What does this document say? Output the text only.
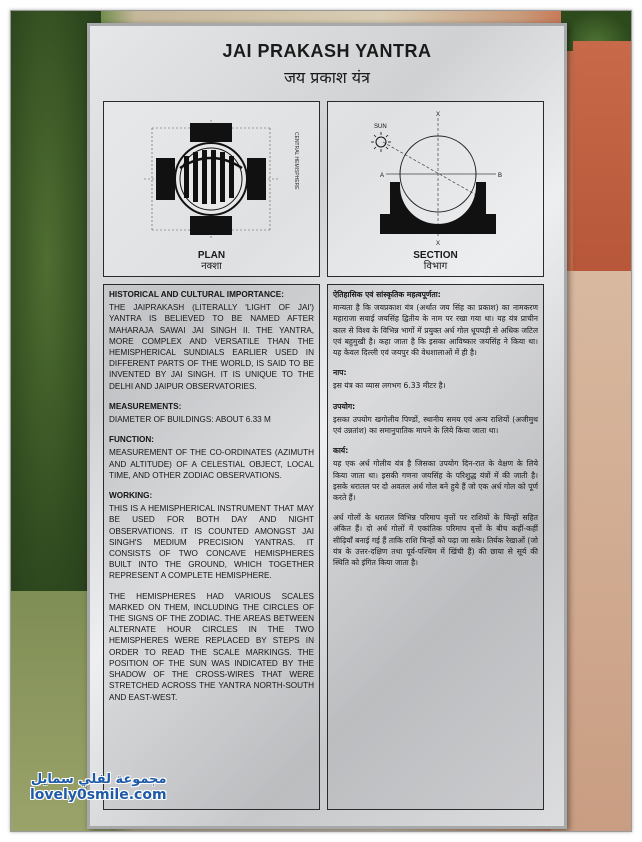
JAI PRAKASH YANTRA
जय प्रकाश यंत्र
CENTRAL HEMISPHERE
PLAN
नक्शा
SUN
X
X
A	B
SECTION
विभाग

HISTORICAL AND CULTURAL IMPORTANCE:
THE JAIPRAKASH (LITERALLY 'LIGHT OF JAI') YANTRA IS BELIEVED TO BE NAMED AFTER MAHARAJA SAWAI JAI SINGH II. THE YANTRA, MORE COMPLEX AND VERSATILE THAN THE HEMISPHERICAL SUNDIALS EARLIER USED IN DIFFERENT PARTS OF THE WORLD, IS SAID TO BE INVENTED BY JAI SINGH. IT IS UNIQUE TO THE DELHI AND JAIPUR OBSERVATORIES.

MEASUREMENTS:
DIAMETER OF BUILDINGS: ABOUT 6.33 M

FUNCTION:
MEASUREMENT OF THE CO-ORDINATES (AZIMUTH AND ALTITUDE) OF A CELESTIAL OBJECT, LOCAL TIME, AND OTHER ZODIAC OBSERVATIONS.

WORKING:
THIS IS A HEMISPHERICAL INSTRUMENT THAT MAY BE USED FOR BOTH DAY AND NIGHT OBSERVATIONS. IT IS COUNTED AMONGST JAI SINGH'S MEDIUM PRECISION YANTRAS. IT CONSISTS OF TWO CONCAVE HEMISPHERES BUILT INTO THE GROUND, WHICH TOGETHER REPRESENT A COMPLETE HEMISPHERE.

THE HEMISPHERES HAD VARIOUS SCALES MARKED ON THEM, INCLUDING THE CIRCLES OF THE SIGNS OF THE ZODIAC. THE AREAS BETWEEN ALTERNATE HOUR CIRCLES IN THE TWO HEMISPHERES WERE REPLACED BY STEPS IN ORDER TO READ THE SCALE MARKINGS. THE POSITION OF THE SUN WAS INDICATED BY THE SHADOW OF THE CROSS-WIRES THAT WERE STRETCHED ACROSS THE YANTRA NORTH-SOUTH AND EAST-WEST.

ऐतिहासिक एवं सांस्कृतिक महत्वपूर्णता:
मान्यता है कि जयप्रकाश यंत्र (अर्थात जय सिंह का प्रकाश) का नामकरण महाराजा सवाई जयसिंह द्वितीय के नाम पर रखा गया था। यह यंत्र प्राचीन काल से विश्व के विभिन्न भागों में प्रयुक्त अर्ध गोल धूपघड़ी से अधिक जटिल एवं बहुमुखी है। कहा जाता है कि इसका आविष्कार जयसिंह ने किया था। यह केवल दिल्ली एवं जयपुर की वेधशालाओं में ही है।

नाप:
इस यंत्र का व्यास लगभग 6.33 मीटर है।

उपयोग:
इसका उपयोग खगोलीय पिण्डों, स्थानीय समय एवं अन्य राशियों (अजीमुथ एवं उन्नतांश) का समानुपातिक मापने के लिये किया जाता था।

कार्य:
यह एक अर्ध गोलीय यंत्र है जिसका उपयोग दिन-रात के वेक्षण के लिये किया जाता था। इसकी गणना जयसिंह के परिशुद्ध यंत्रों में की जाती है। इसके धरातल पर दो अवतल अर्ध गोल बने हुये हैं जो एक अर्ध गोल को पूर्ण करते हैं।

अर्ध गोलों के धरातल विभिन्न परिमाप वृत्तों पर राशियों के चिन्हों सहित अंकित हैं। दो अर्ध गोलों में एकांतिक परिमाप वृत्तों के बीच कहीं-कहीं सीढ़ियाँ बनाई गई हैं ताकि राशि चिन्हों को पढ़ा जा सके। तिर्यक रेखाओं (जो यंत्र के उत्तर-दक्षिण तथा पूर्व-पश्चिम में खिंची हैं) की छाया से सूर्य की स्थिति को इंगित किया जाता है।

مجموعة لفلي سمايل
lovely0smile.com
